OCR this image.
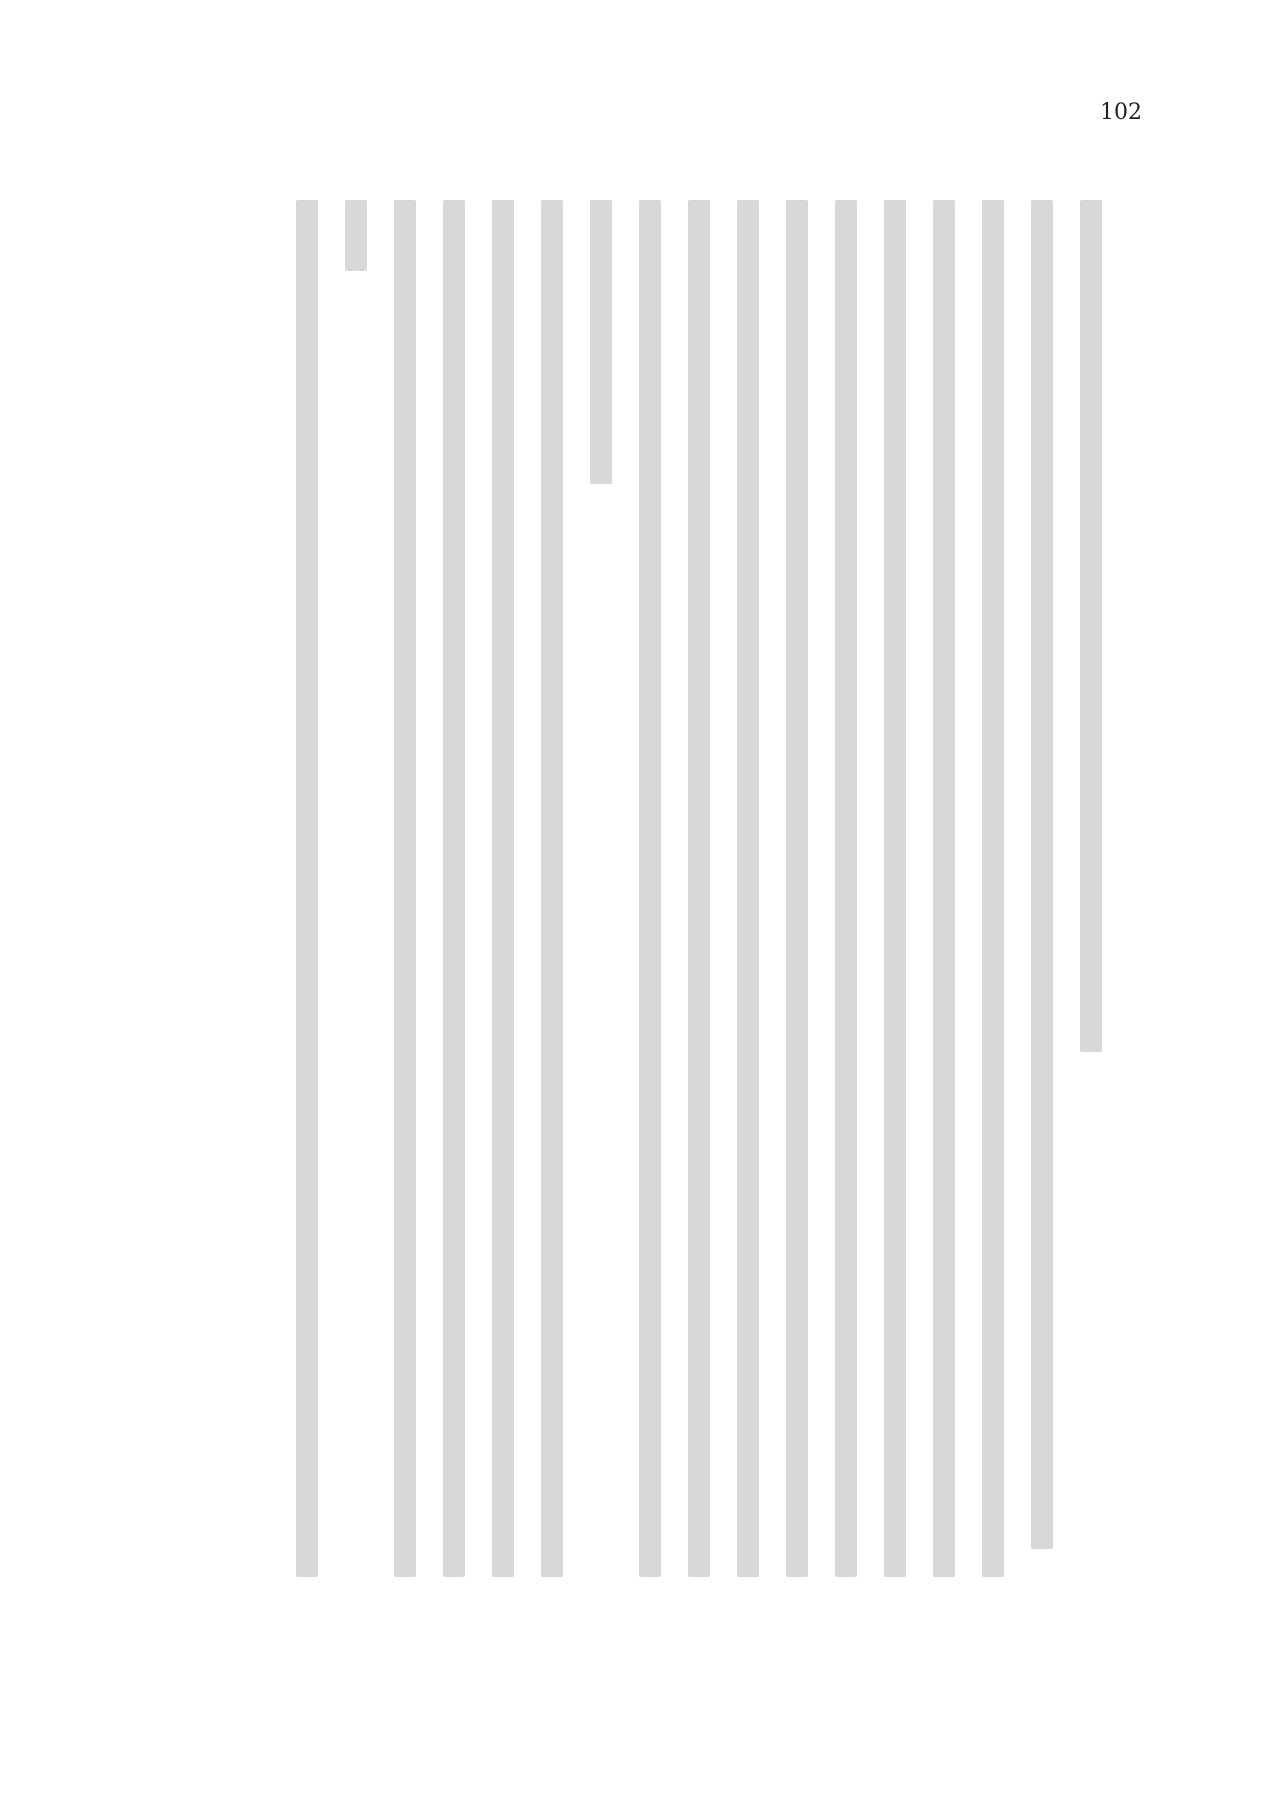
102
